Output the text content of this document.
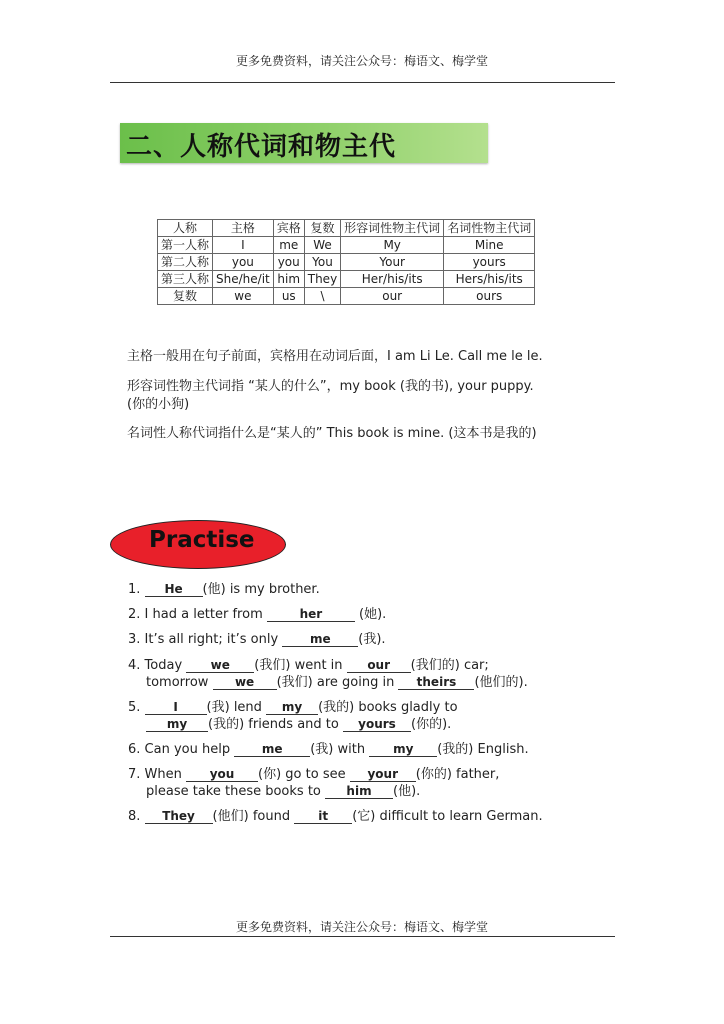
更多免费资料，请关注公众号：梅语文、梅学堂
二、人称代词和物主代
人称	主格	宾格	复数	形容词性物主代词	名词性物主代词
第一人称	I	me	We	My	Mine
第二人称	you	you	You	Your	yours
第三人称	She/he/it	him	They	Her/his/its	Hers/his/its
复数	we	us	\	our	ours
主格一般用在句子前面，宾格用在动词后面，I am Li Le. Call me le le.
形容词性物主代词指 “某人的什么”，my book (我的书), your puppy.
(你的小狗)
名词性人称代词指什么是“某人的” This book is mine. (这本书是我的)
Practise
1. He (他) is my brother.
2. I had a letter from	her	(她).
3. It’s all right; it’s only	me (我).
4. Today we (我们) went in our (我们的) car;
tomorrow we (我们) are going in theirs (他们的).
5.	I (我) lend my (我的) books gladly to
my (我的) friends and to yours (你的).
6. Can you help	me (我) with my (我的) English.
7. When you (你) go to see your (你的) father,
please take these books to him (他).
8. They (他们) found it (它) difficult to learn German.
更多免费资料，请关注公众号：梅语文、梅学堂
